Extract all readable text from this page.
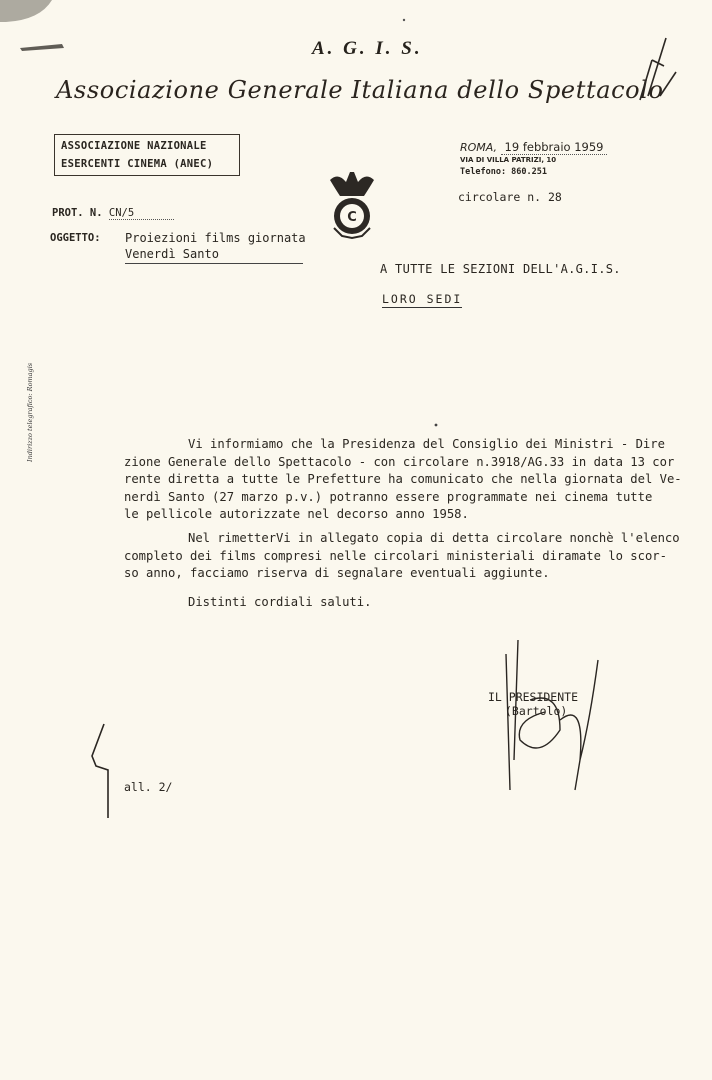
A. G. I. S.
Associazione Generale Italiana dello Spettacolo
ASSOCIAZIONE NAZIONALE
ESERCENTI CINEMA (ANEC)
ROMA, 19 febbraio 1959
VIA DI VILLA PATRIZI, 10
Telefono: 860.251
circolare n. 28
PROT. N. CN/5
OGGETTO: Proiezioni films giornata
Venerdì Santo
A TUTTE LE SEZIONI DELL'A.G.I.S.
LORO SEDI
Indirizzo telegrafico: Romagis	Vi informiamo che la Presidenza del Consiglio dei Ministri - Dire
zione Generale dello Spettacolo - con circolare n.3918/AG.33 in data 13 cor
rente diretta a tutte le Prefetture ha comunicato che nella giornata del Ve-
nerdì Santo (27 marzo p.v.) potranno essere programmate nei cinema tutte
le pellicole autorizzate nel decorso anno 1958.
Nel rimetterVi in allegato copia di detta circolare nonchè l'elenco
completo dei films compresi nelle circolari ministeriali diramate lo scor-
so anno, facciamo riserva di segnalare eventuali aggiunte.
Distinti cordiali saluti.
IL PRESIDENTE
(Bartolo)
all. 2/
C
